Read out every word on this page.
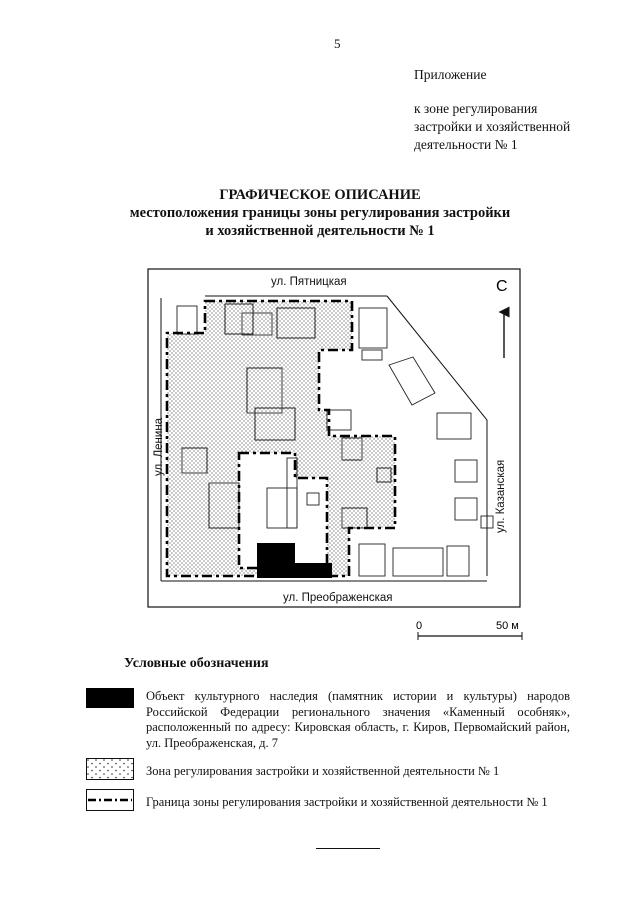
5
Приложение
к зоне регулирования
застройки и хозяйственной
деятельности № 1
ГРАФИЧЕСКОЕ ОПИСАНИЕ
местоположения границы зоны регулирования застройки
и хозяйственной деятельности № 1
ул. Пятницкая
ул. Преображенская
ул. Ленина
ул. Казанская
С
0	50 м
Условные обозначения
Объект культурного наследия (памятник истории и культуры) народов Российской Федерации регионального значения «Каменный особняк», расположенный по адресу: Кировская область, г. Киров, Первомайский район, ул. Преображенская, д. 7
Зона регулирования застройки и хозяйственной деятельности № 1
Граница зоны регулирования застройки и хозяйственной деятельности № 1
